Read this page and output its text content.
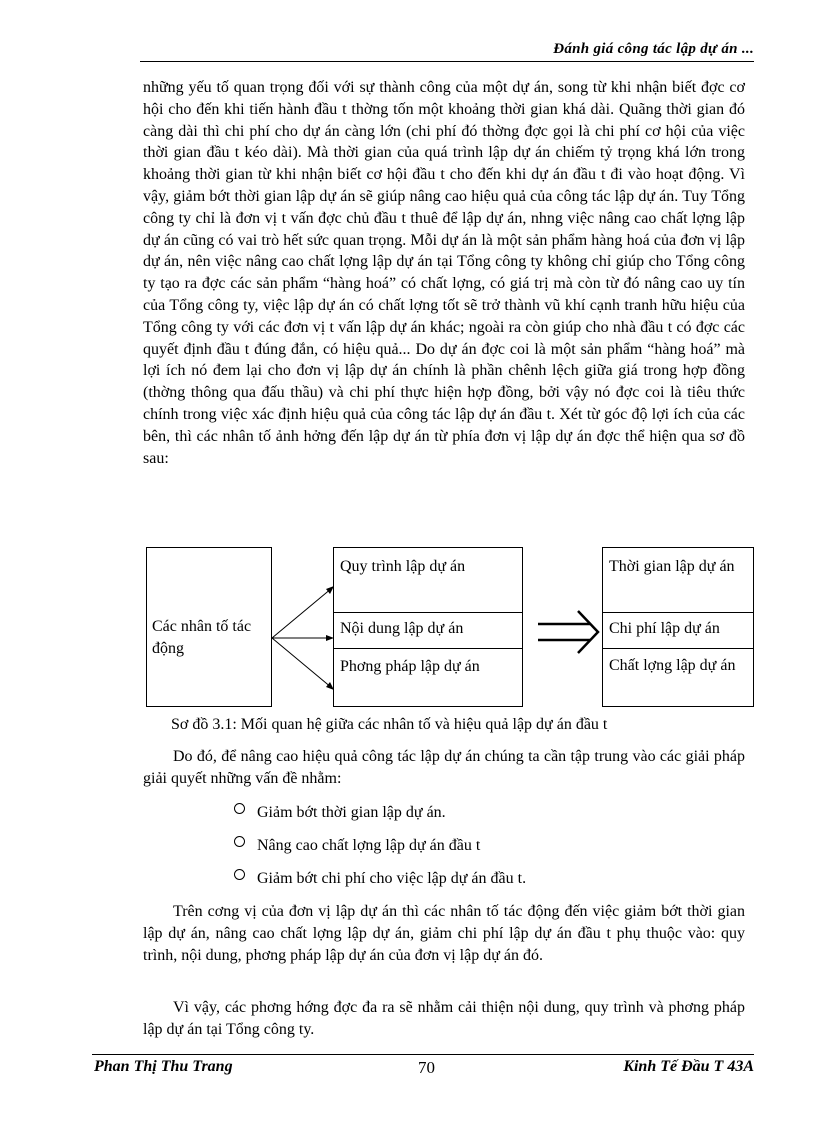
Đánh giá công tác lập dự án ...

những yếu tố quan trọng đối với sự thành công của một dự án, song từ khi nhận biết đợc cơ hội cho đến khi tiến hành đầu t thờng tốn một khoảng thời gian khá dài. Quãng thời gian đó càng dài thì chi phí cho dự án càng lớn (chi phí đó thờng đợc gọi là chi phí cơ hội của việc thời gian đầu t kéo dài). Mà thời gian của quá trình lập dự án chiếm tỷ trọng khá lớn trong khoảng thời gian từ khi nhận biết cơ hội đầu t cho đến khi dự án đầu t đi vào hoạt động. Vì vậy, giảm bớt thời gian lập dự án sẽ giúp nâng cao hiệu quả của công tác lập dự án. Tuy Tổng công ty chỉ là đơn vị t vấn đợc chủ đầu t thuê để lập dự án, nhng việc nâng cao chất lợng lập dự án cũng có vai trò hết sức quan trọng. Mỗi dự án là một sản phẩm hàng hoá của đơn vị lập dự án, nên việc nâng cao chất lợng lập dự án tại Tổng công ty không chỉ giúp cho Tổng công ty tạo ra đợc các sản phẩm “hàng hoá” có chất lợng, có giá trị mà còn từ đó nâng cao uy tín của Tổng công ty, việc lập dự án có chất lợng tốt sẽ trở thành vũ khí cạnh tranh hữu hiệu của Tổng công ty với các đơn vị t vấn lập dự án khác; ngoài ra còn giúp cho nhà đầu t có đợc các quyết định đầu t đúng đắn, có hiệu quả... Do dự án đợc coi là một sản phẩm “hàng hoá” mà lợi ích nó đem lại cho đơn vị lập dự án chính là phần chênh lệch giữa giá trong hợp đồng (thờng thông qua đấu thầu) và chi phí thực hiện hợp đồng, bởi vậy nó đợc coi là tiêu thức chính trong việc xác định hiệu quả của công tác lập dự án đầu t. Xét từ góc độ lợi ích của các bên, thì các nhân tố ảnh hởng đến lập dự án từ phía đơn vị lập dự án đợc thể hiện qua sơ đồ sau:

Các nhân tố tác động
Quy trình lập dự án
Nội dung lập dự án
Phơng pháp lập dự án
Thời gian lập dự án
Chi phí lập dự án
Chất lợng lập dự án
Sơ đồ 3.1: Mối quan hệ giữa các nhân tố và hiệu quả lập dự án đầu t

Do đó, để nâng cao hiệu quả công tác lập dự án chúng ta cần tập trung vào các giải pháp giải quyết những vấn đề nhằm:

Giảm bớt thời gian lập dự án.
Nâng cao chất lợng lập dự án đầu t
Giảm bớt chi phí cho việc lập dự án đầu t.

Trên cơng vị của đơn vị lập dự án thì các nhân tố tác động đến việc giảm bớt thời gian lập dự án, nâng cao chất lợng lập dự án, giảm chi phí lập dự án đầu t phụ thuộc vào: quy trình, nội dung, phơng pháp lập dự án của đơn vị lập dự án đó.

Vì vậy, các phơng hớng đợc đa ra sẽ nhằm cải thiện nội dung, quy trình và phơng pháp lập dự án tại Tổng công ty.

Phan Thị Thu Trang	70	Kinh Tế Đầu T 43A
